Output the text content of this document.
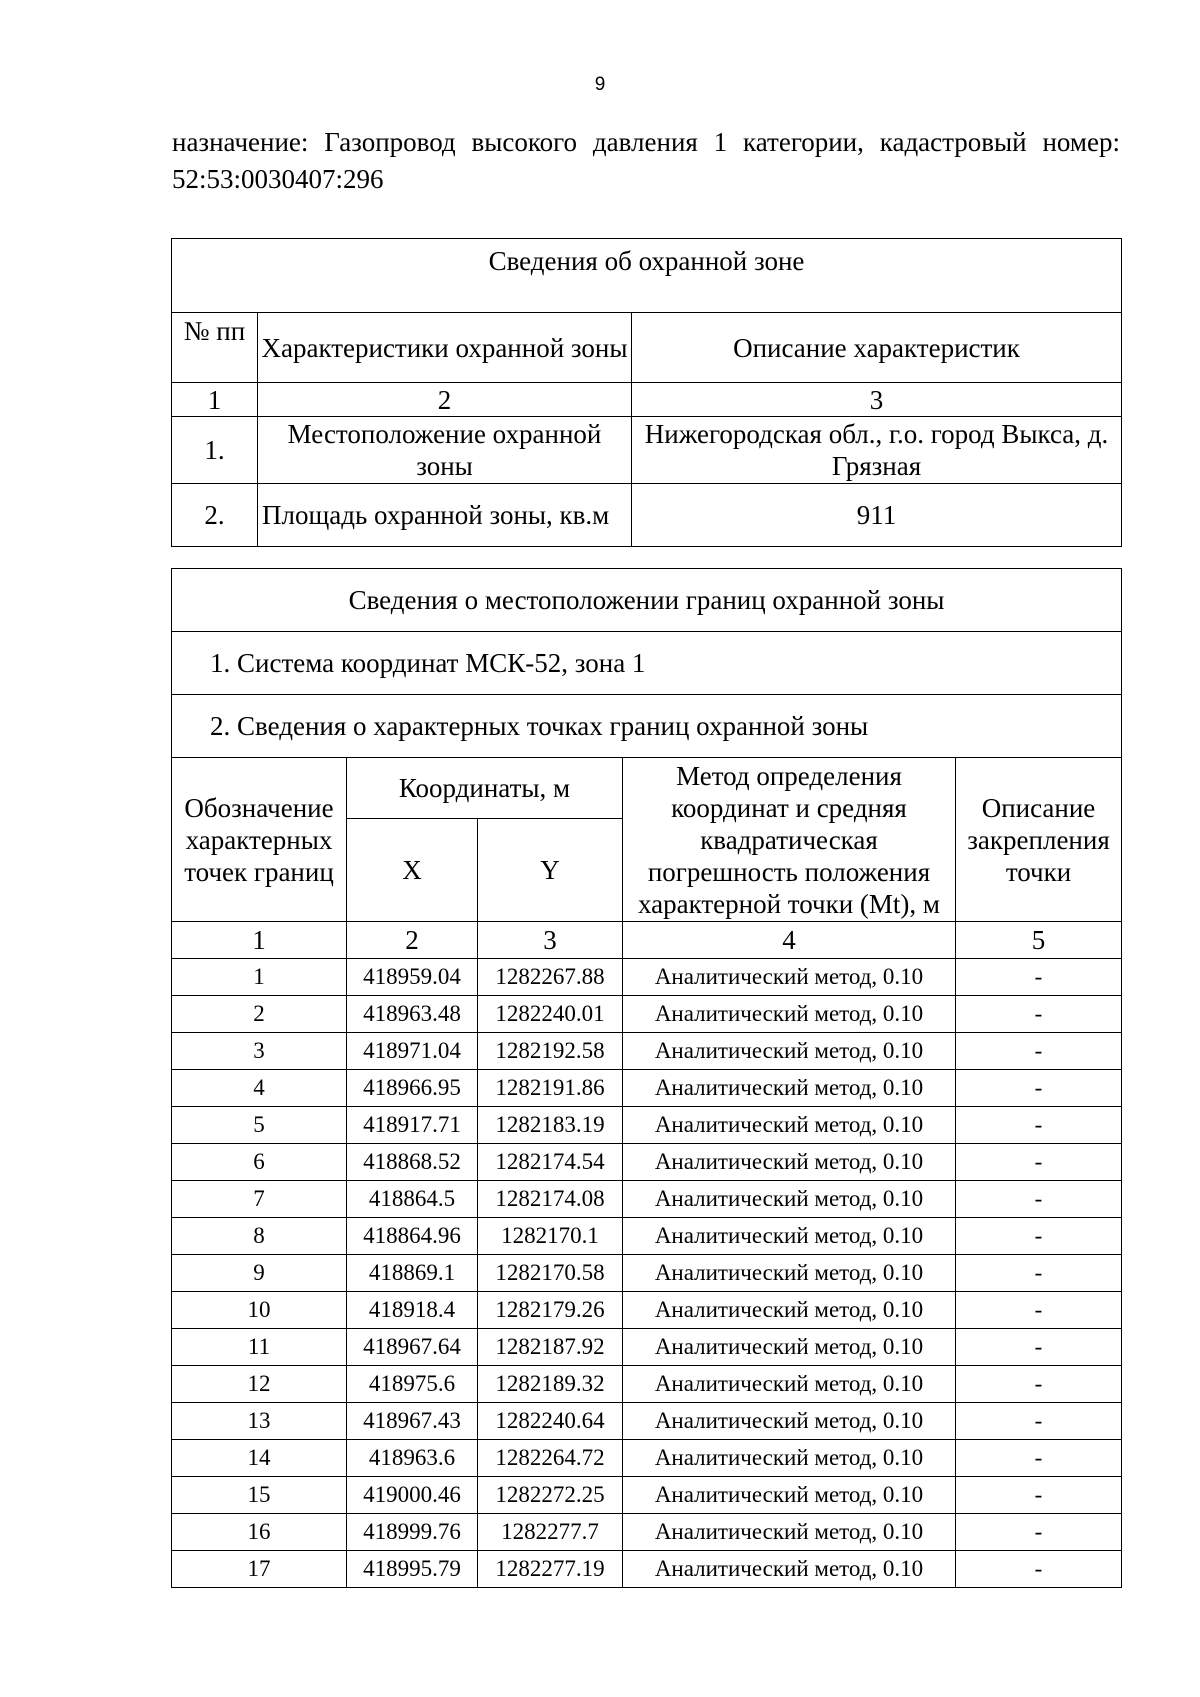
9
назначение: Газопровод высокого давления 1 категории, кадастровый номер:
52:53:0030407:296
Сведения об охранной зоне		
№ пп	Характеристики охранной зоны	Описание характеристик
1	2	3
1.	Местоположение охранной зоны	Нижегородская обл., г.о. город Выкса, д. Грязная
2.	Площадь охранной зоны, кв.м	911
Сведения о местоположении границ охранной зоны				
1. Система координат МСК-52, зона 1				
2. Сведения о характерных точках границ охранной зоны				
Обозначение характерных точек границ	Координаты, м		Метод определения координат и средняя квадратическая погрешность положения характерной точки (Mt), м	Описание закрепления точки
	X	Y		
1	2	3	4	5
1	418959.04	1282267.88	Аналитический метод, 0.10	-
2	418963.48	1282240.01	Аналитический метод, 0.10	-
3	418971.04	1282192.58	Аналитический метод, 0.10	-
4	418966.95	1282191.86	Аналитический метод, 0.10	-
5	418917.71	1282183.19	Аналитический метод, 0.10	-
6	418868.52	1282174.54	Аналитический метод, 0.10	-
7	418864.5	1282174.08	Аналитический метод, 0.10	-
8	418864.96	1282170.1	Аналитический метод, 0.10	-
9	418869.1	1282170.58	Аналитический метод, 0.10	-
10	418918.4	1282179.26	Аналитический метод, 0.10	-
11	418967.64	1282187.92	Аналитический метод, 0.10	-
12	418975.6	1282189.32	Аналитический метод, 0.10	-
13	418967.43	1282240.64	Аналитический метод, 0.10	-
14	418963.6	1282264.72	Аналитический метод, 0.10	-
15	419000.46	1282272.25	Аналитический метод, 0.10	-
16	418999.76	1282277.7	Аналитический метод, 0.10	-
17	418995.79	1282277.19	Аналитический метод, 0.10	-
